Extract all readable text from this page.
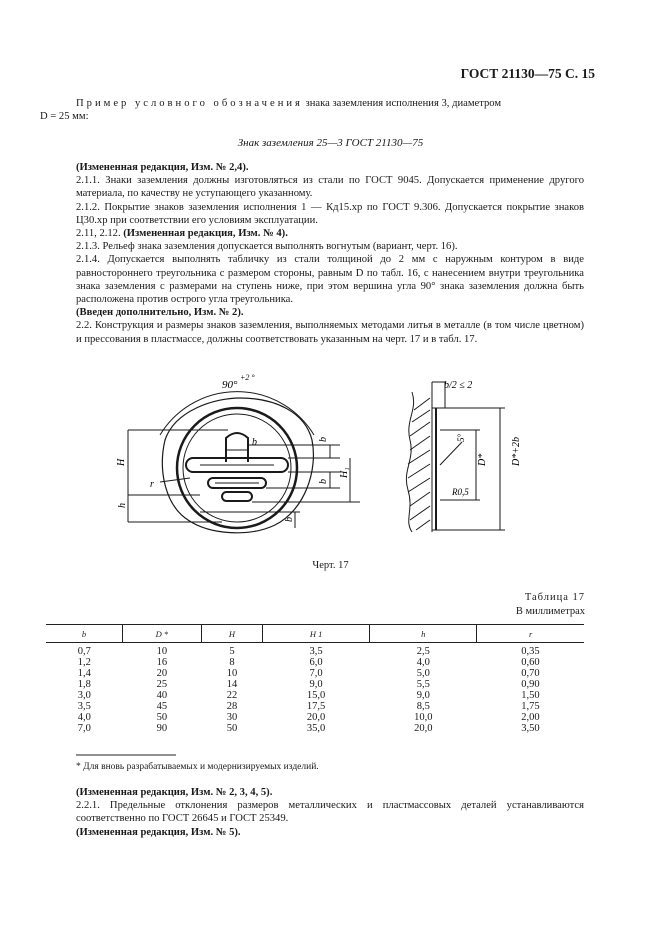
ГОСТ 21130—75 С. 15

Пример условного обозначения знака заземления исполнения 3, диаметром

D = 25 мм:

Знак заземления 25—3 ГОСТ 21130—75

(Измененная редакция, Изм. № 2,4).

2.1.1. Знаки заземления должны изготовляться из стали по ГОСТ 9045. Допускается применение другого материала, по качеству не уступающего указанному.

2.1.2. Покрытие знаков заземления исполнения 1 — Кд15.хр по ГОСТ 9.306. Допускается покрытие знаков Ц30.хр при соответствии его условиям эксплуатации.

2.11, 2.12. (Измененная редакция, Изм. № 4).

2.1.3. Рельеф знака заземления допускается выполнять вогнутым (вариант, черт. 16).

2.1.4. Допускается выполнять табличку из стали толщиной до 2 мм с наружным контуром в виде равностороннего треугольника с размером стороны, равным D по табл. 16, с нанесением внутри треугольника знака заземления с размерами на ступень ниже, при этом вершина угла 90° знака заземления должна быть расположена против острого угла треугольника.

(Введен дополнительно, Изм. № 2).

2.2. Конструкция и размеры знаков заземления, выполняемых методами литья в металле (в том числе цветном) и прессования в пластмассе, должны соответствовать указанным на черт. 17 и в табл. 17.

90°
+2 °
b
H
r
h
b
b
H₁
b
b/2 ≤ 2
5°
D* D*+2b
R0,5
Черт. 17
Таблица 17
В миллиметрах
b	D *	H	H 1	h	r

0,7	10	5	3,5	2,5	0,35
1,2	16	8	6,0	4,0	0,60
1,4	20	10	7,0	5,0	0,70
1,8	25	14	9,0	5,5	0,90
3,0	40	22	15,0	9,0	1,50
3,5	45	28	17,5	8,5	1,75
4,0	50	30	20,0	10,0	2,00
7,0	90	50	35,0	20,0	3,50
* Для вновь разрабатываемых и модернизируемых изделий.

(Измененная редакция, Изм. № 2, 3, 4, 5).

2.2.1. Предельные отклонения размеров металлических и пластмассовых деталей устанавливаются соответственно по ГОСТ 26645 и ГОСТ 25349.

(Измененная редакция, Изм. № 5).
